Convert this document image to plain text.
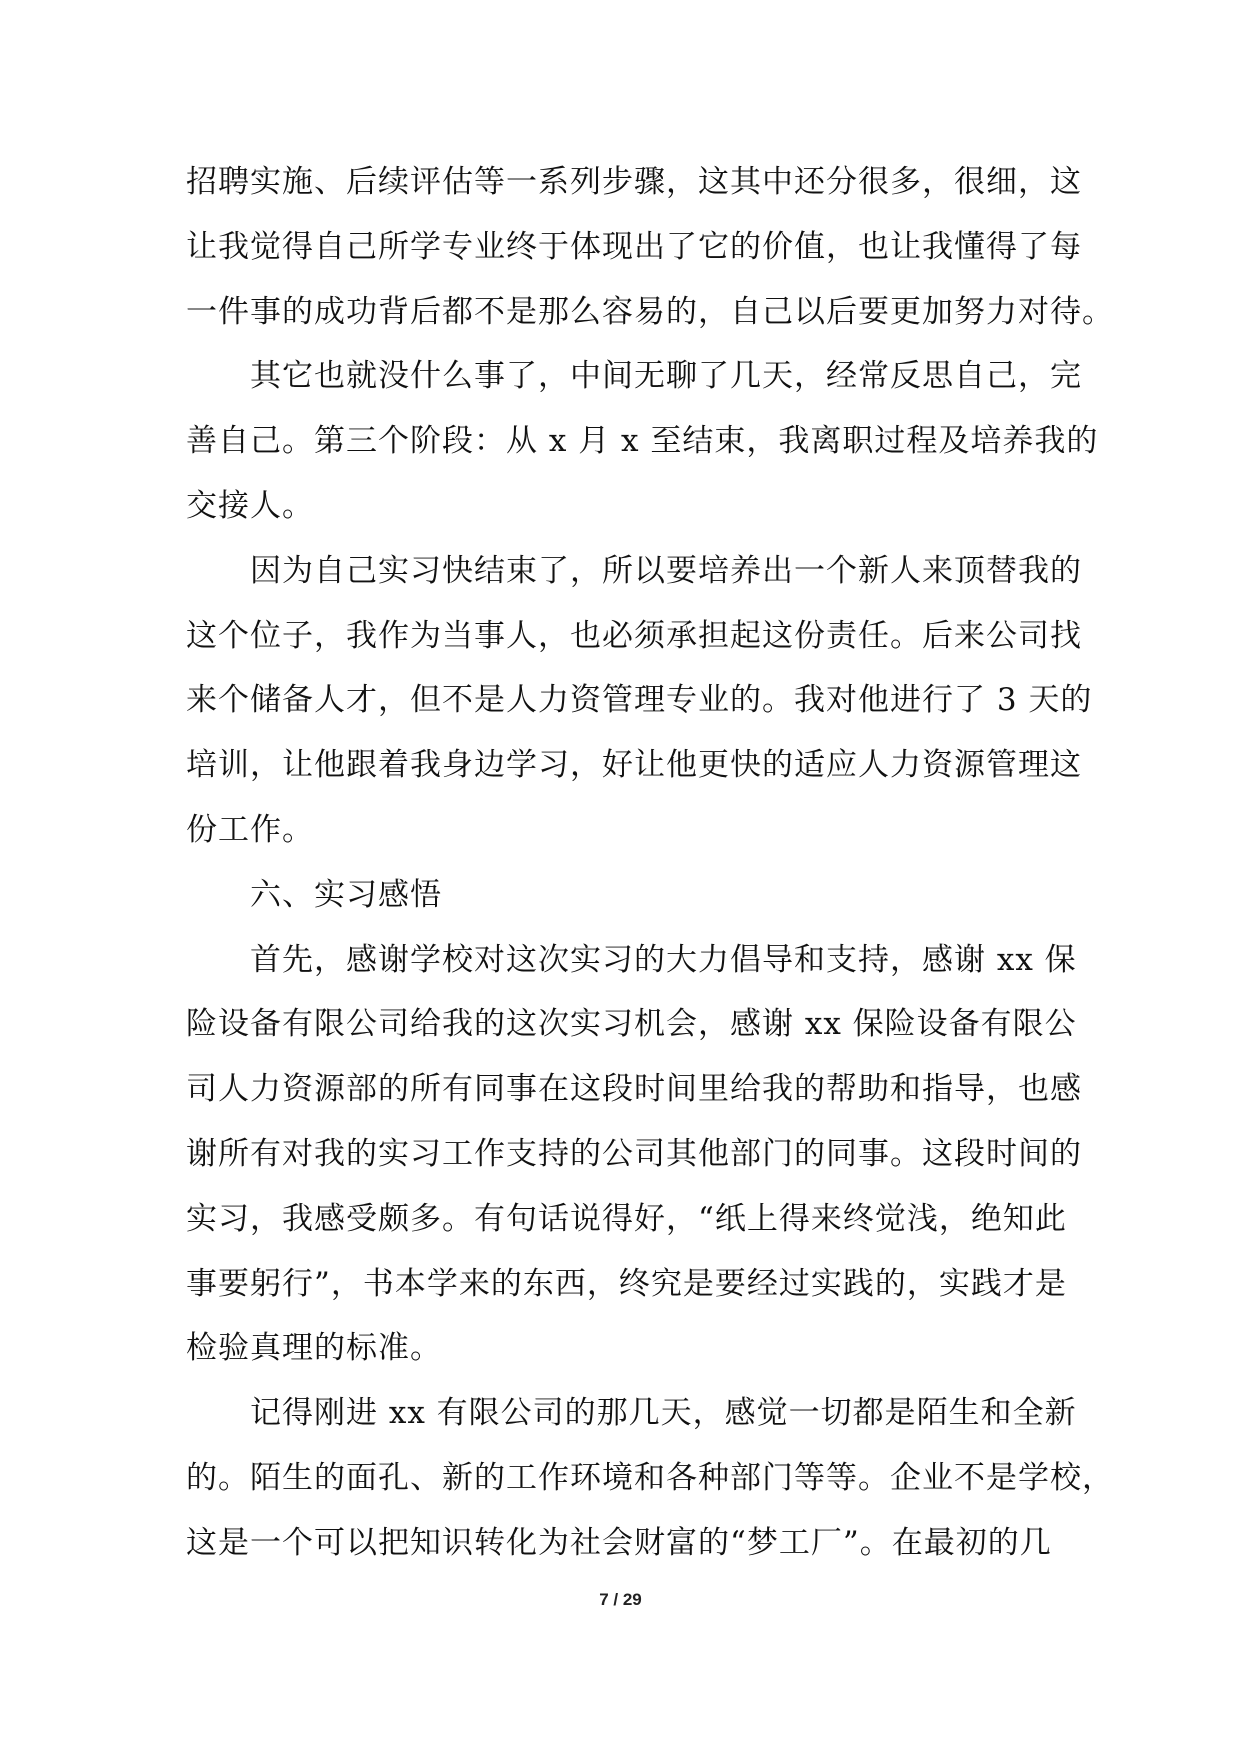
招聘实施、后续评估等一系列步骤，这其中还分很多，很细，这
让我觉得自己所学专业终于体现出了它的价值，也让我懂得了每
一件事的成功背后都不是那么容易的，自己以后要更加努力对待。
其它也就没什么事了，中间无聊了几天，经常反思自己，完
善自己。第三个阶段：从 x 月 x 至结束，我离职过程及培养我的
交接人。
因为自己实习快结束了，所以要培养出一个新人来顶替我的
这个位子，我作为当事人，也必须承担起这份责任。后来公司找
来个储备人才，但不是人力资管理专业的。我对他进行了 3 天的
培训，让他跟着我身边学习，好让他更快的适应人力资源管理这
份工作。
六、实习感悟
首先，感谢学校对这次实习的大力倡导和支持，感谢 xx 保
险设备有限公司给我的这次实习机会，感谢 xx 保险设备有限公
司人力资源部的所有同事在这段时间里给我的帮助和指导，也感
谢所有对我的实习工作支持的公司其他部门的同事。这段时间的
实习，我感受颇多。有句话说得好，“纸上得来终觉浅，绝知此
事要躬行”，书本学来的东西，终究是要经过实践的，实践才是
检验真理的标准。
记得刚进 xx 有限公司的那几天，感觉一切都是陌生和全新
的。陌生的面孔、新的工作环境和各种部门等等。企业不是学校，
这是一个可以把知识转化为社会财富的“梦工厂”。在最初的几
7 / 29
